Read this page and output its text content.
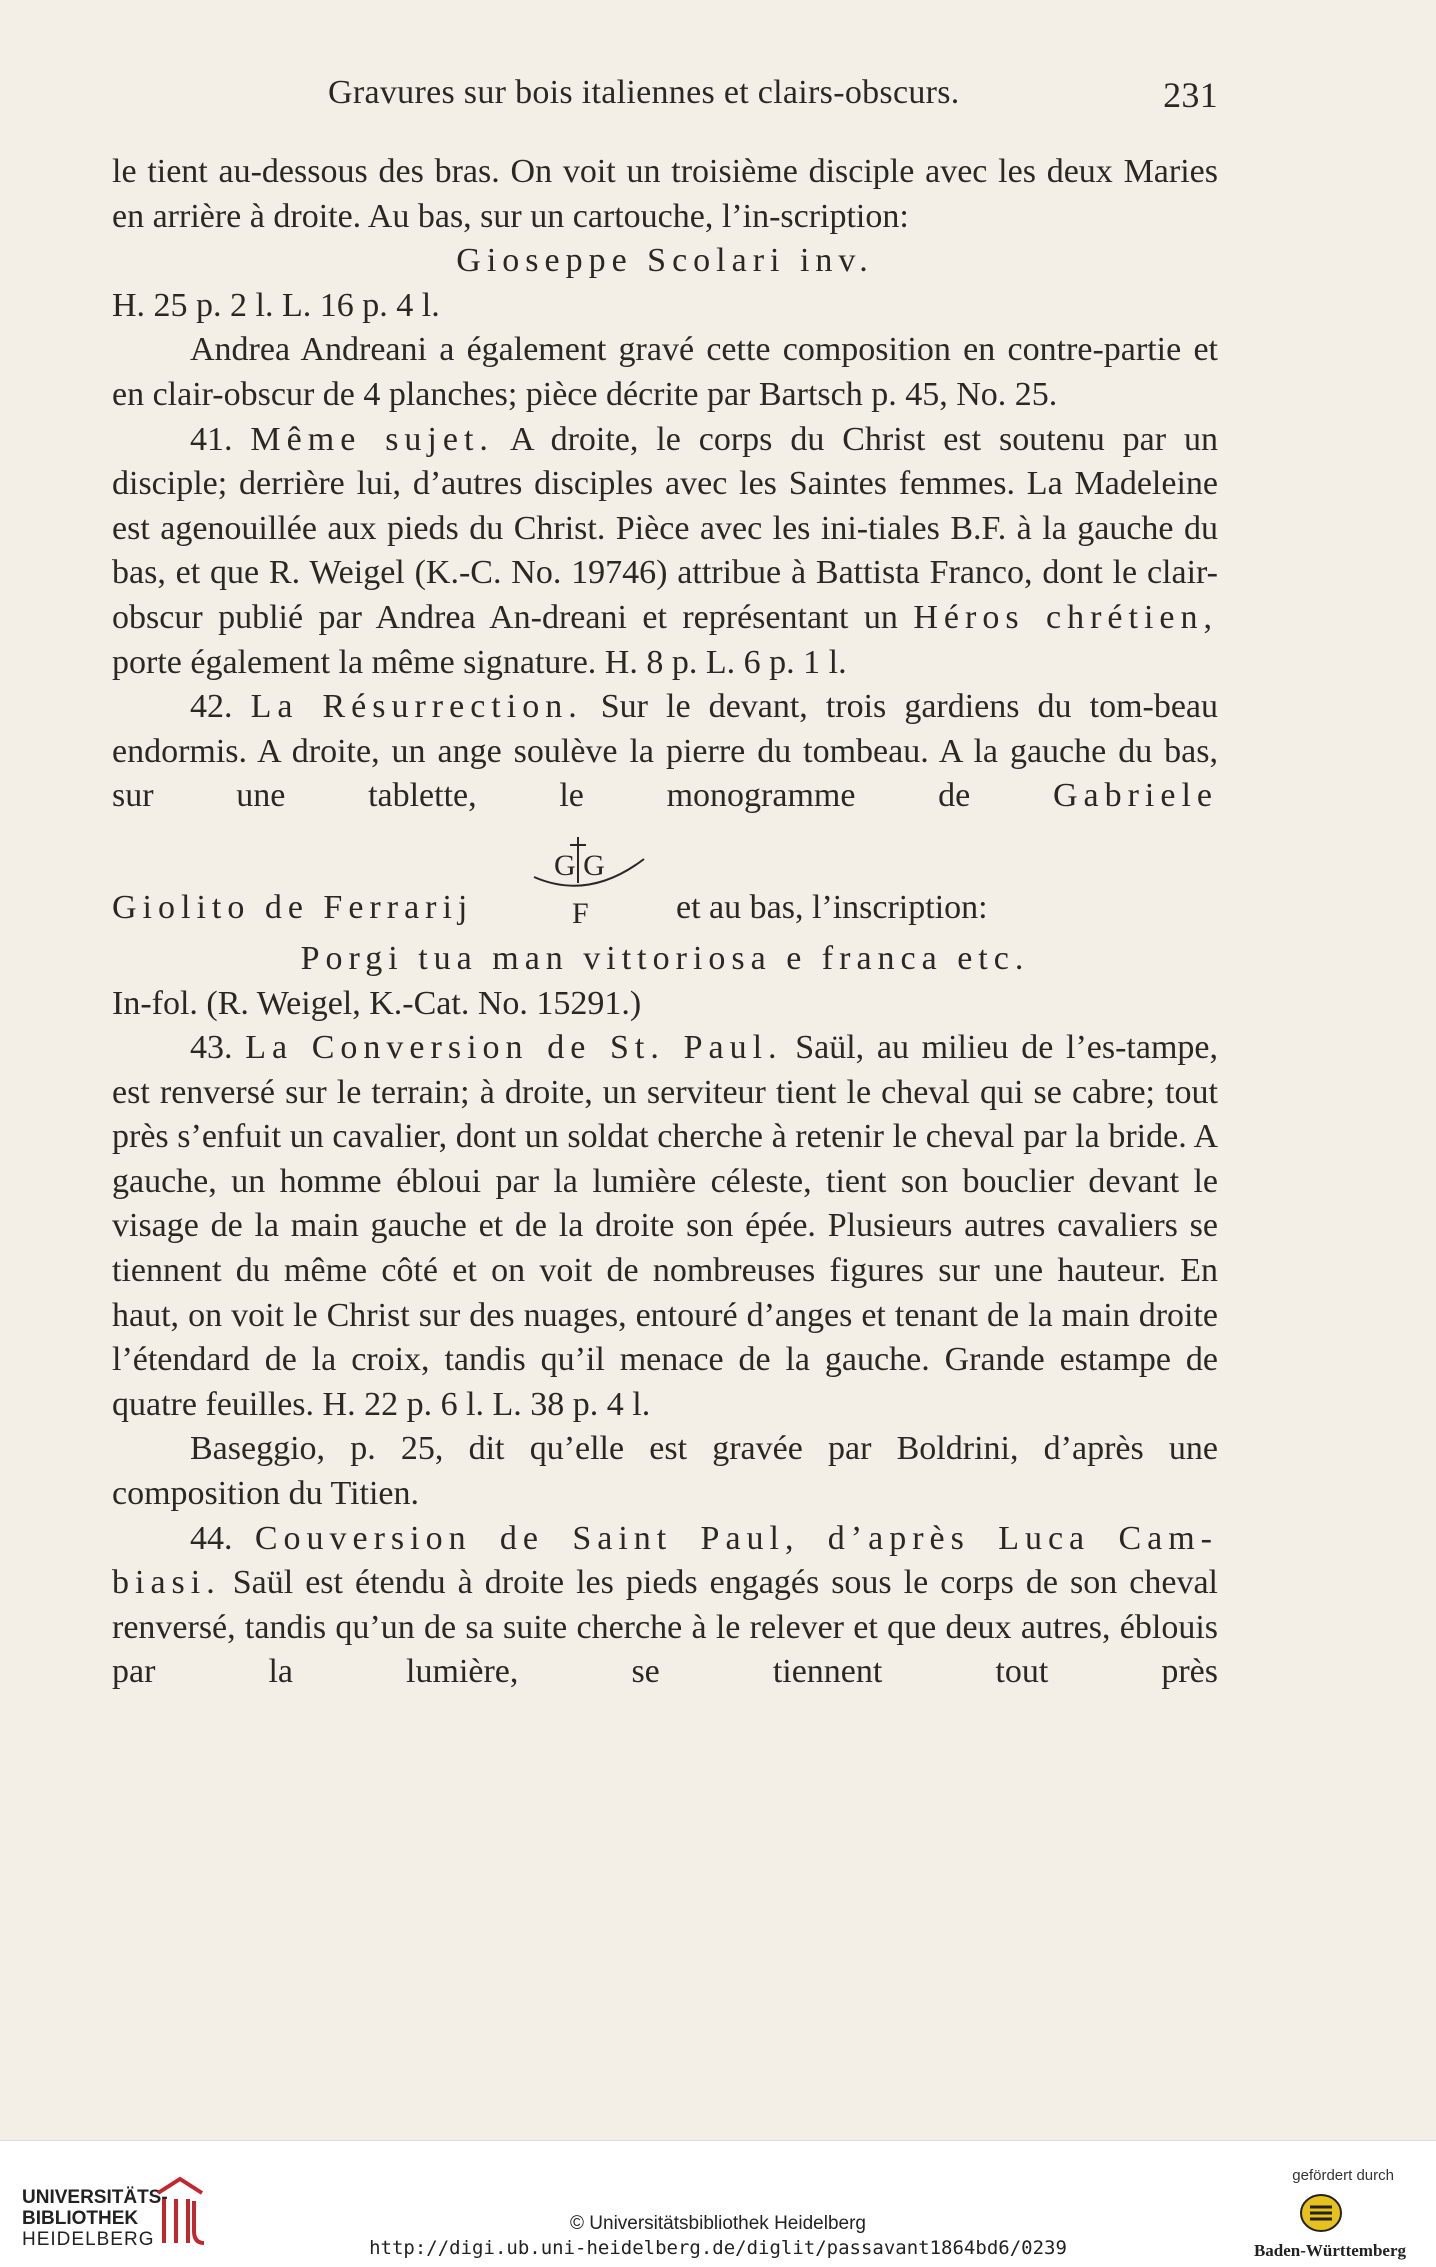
Gravures sur bois italiennes et clairs-obscurs.	231

le tient au-dessous des bras. On voit un troisième disciple avec les deux Maries en arrière à droite. Au bas, sur un cartouche, l’in-scription:

Gioseppe Scolari inv.

H. 25 p. 2 l. L. 16 p. 4 l.

Andrea Andreani a également gravé cette composition en contre-partie et en clair-obscur de 4 planches; pièce décrite par Bartsch p. 45, No. 25.

41. Même sujet. A droite, le corps du Christ est soutenu par un disciple; derrière lui, d’autres disciples avec les Saintes femmes. La Madeleine est agenouillée aux pieds du Christ. Pièce avec les ini-tiales B.F. à la gauche du bas, et que R. Weigel (K.-C. No. 19746) attribue à Battista Franco, dont le clair-obscur publié par Andrea An-dreani et représentant un Héros chrétien, porte également la même signature. H. 8 p. L. 6 p. 1 l.

42. La Résurrection. Sur le devant, trois gardiens du tom-beau endormis. A droite, un ange soulève la pierre du tombeau. A la gauche du bas, sur une tablette, le monogramme de Gabriele

Giolito de Ferrarij
G G
F	et au bas, l’inscription:

Porgi tua man vittoriosa e franca etc.

In-fol. (R. Weigel, K.-Cat. No. 15291.)

43. La Conversion de St. Paul. Saül, au milieu de l’es-tampe, est renversé sur le terrain; à droite, un serviteur tient le cheval qui se cabre; tout près s’enfuit un cavalier, dont un soldat cherche à retenir le cheval par la bride. A gauche, un homme ébloui par la lumière céleste, tient son bouclier devant le visage de la main gauche et de la droite son épée. Plusieurs autres cavaliers se tiennent du même côté et on voit de nombreuses figures sur une hauteur. En haut, on voit le Christ sur des nuages, entouré d’anges et tenant de la main droite l’étendard de la croix, tandis qu’il menace de la gauche. Grande estampe de quatre feuilles. H. 22 p. 6 l. L. 38 p. 4 l.

Baseggio, p. 25, dit qu’elle est gravée par Boldrini, d’après une composition du Titien.

44. Couversion de Saint Paul, d’après Luca Cam-biasi. Saül est étendu à droite les pieds engagés sous le corps de son cheval renversé, tandis qu’un de sa suite cherche à le relever et que deux autres, éblouis par la lumière, se tiennent tout près

UNIVERSITÄTS-
BIBLIOTHEK
HEIDELBERG
© Universitätsbibliothek Heidelberg
http://digi.ub.uni-heidelberg.de/diglit/passavant1864bd6/0239
gefördert durch
Baden-Württemberg
